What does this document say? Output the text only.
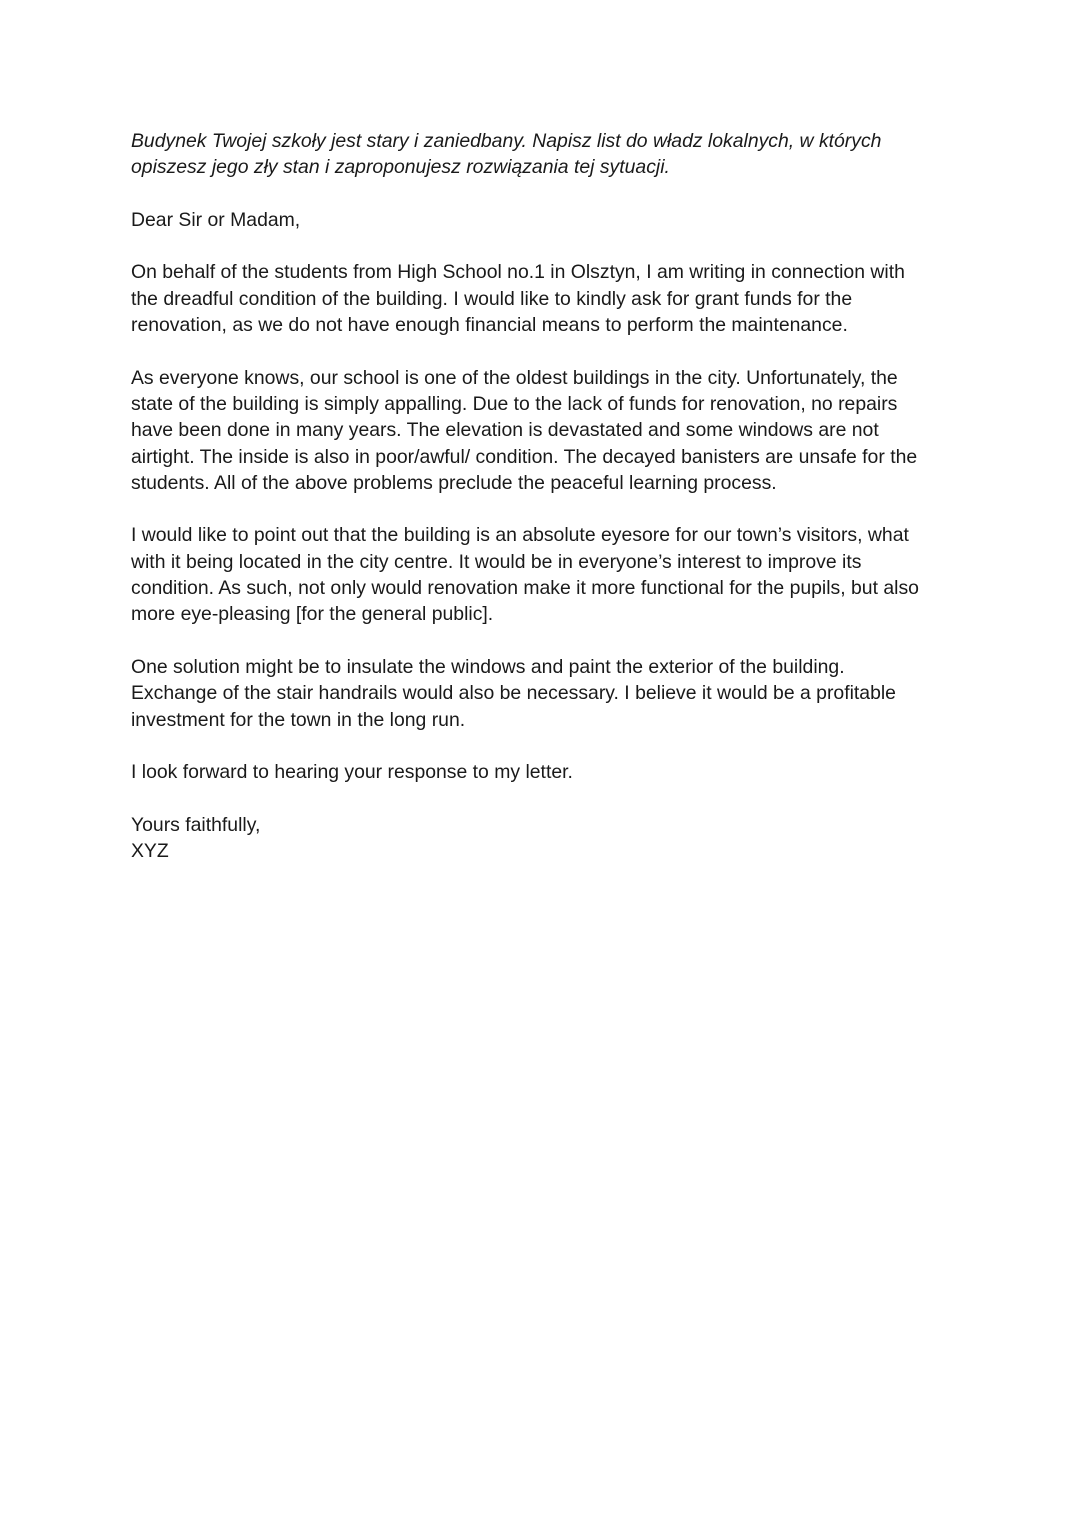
Budynek Twojej szkoły jest stary i zaniedbany. Napisz list do władz lokalnych, w których
opiszesz jego zły stan i zaproponujesz rozwiązania tej sytuacji.

Dear Sir or Madam,

On behalf of the students from High School no.1 in Olsztyn, I am writing in connection with
the dreadful condition of the building. I would like to kindly ask for grant funds for the
renovation, as we do not have enough financial means to perform the maintenance.

As everyone knows, our school is one of the oldest buildings in the city. Unfortunately, the
state of the building is simply appalling. Due to the lack of funds for renovation, no repairs
have been done in many years. The elevation is devastated and some windows are not
airtight. The inside is also in poor/awful/ condition. The decayed banisters are unsafe for the
students. All of the above problems preclude the peaceful learning process.

I would like to point out that the building is an absolute eyesore for our town’s visitors, what
with it being located in the city centre. It would be in everyone’s interest to improve its
condition. As such, not only would renovation make it more functional for the pupils, but also
more eye-pleasing [for the general public].

One solution might be to insulate the windows and paint the exterior of the building.
Exchange of the stair handrails would also be necessary. I believe it would be a profitable
investment for the town in the long run.

I look forward to hearing your response to my letter.

Yours faithfully,
XYZ
